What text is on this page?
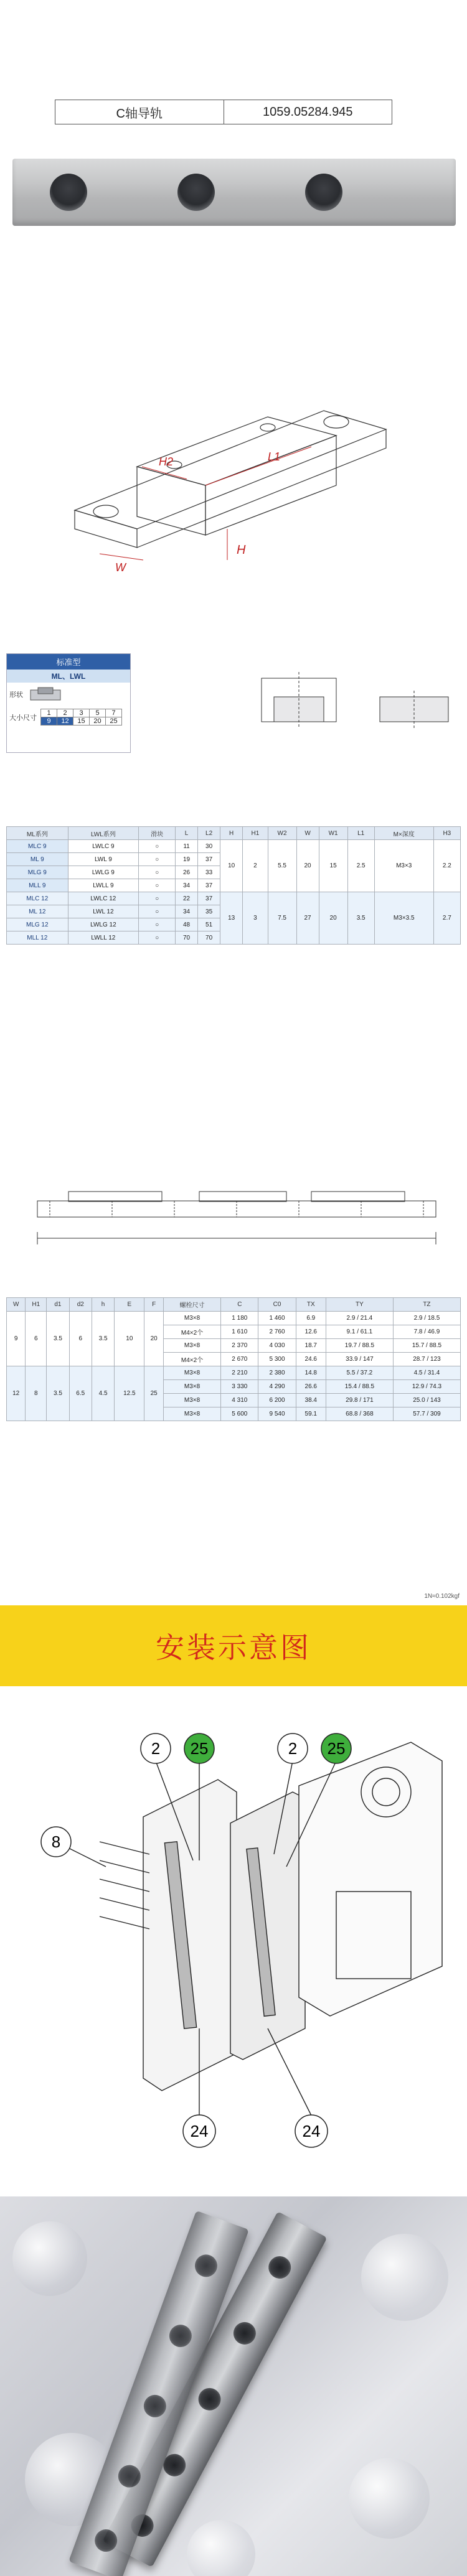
C轴导轨	1059.05284.945
H2	L1
H
W
标准型
ML、LWL
形状
大小尺寸
1	2	3	5	7
9	12	15	20	25
ML系列	LWL系列	滑块	L	L2	H	H1	W2	W	W1	L1	M×深度	H3
MLC 9	LWLC 9	○	11	30	10	2	5.5	20	15	2.5	M3×3	2.2
ML 9	LWL 9	○	19	37								
MLG 9	LWLG 9	○	26	33								
MLL 9	LWLL 9	○	34	37								
MLC 12	LWLC 12	○	22	37	13	3	7.5	27	20	3.5	M3×3.5	2.7
ML 12	LWL 12	○	34	35								
MLG 12	LWLG 12	○	48	51								
MLL 12	LWLL 12	○	70	70								
W	H1	d1	d2	h	E	F	螺栓尺寸	C	C0	TX	TY	TZ
9	6	3.5	6	3.5	10	20	M3×8	1 180	1 460	6.9	2.9 / 21.4	2.9 / 18.5
							M4×2个	1 610	2 760	12.6	9.1 / 61.1	7.8 / 46.9
							M3×8	2 370	4 030	18.7	19.7 / 88.5	15.7 / 88.5
							M4×2个	2 670	5 300	24.6	33.9 / 147	28.7 / 123
12	8	3.5	6.5	4.5	12.5	25	M3×8	2 210	2 380	14.8	5.5 / 37.2	4.5 / 31.4
							M3×8	3 330	4 290	26.6	15.4 / 88.5	12.9 / 74.3
							M3×8	4 310	6 200	38.4	29.8 / 171	25.0 / 143
							M3×8	5 600	9 540	59.1	68.8 / 368	57.7 / 309
1N≈0.102kgf
安装示意图
2 25	2 25
8
24	24
